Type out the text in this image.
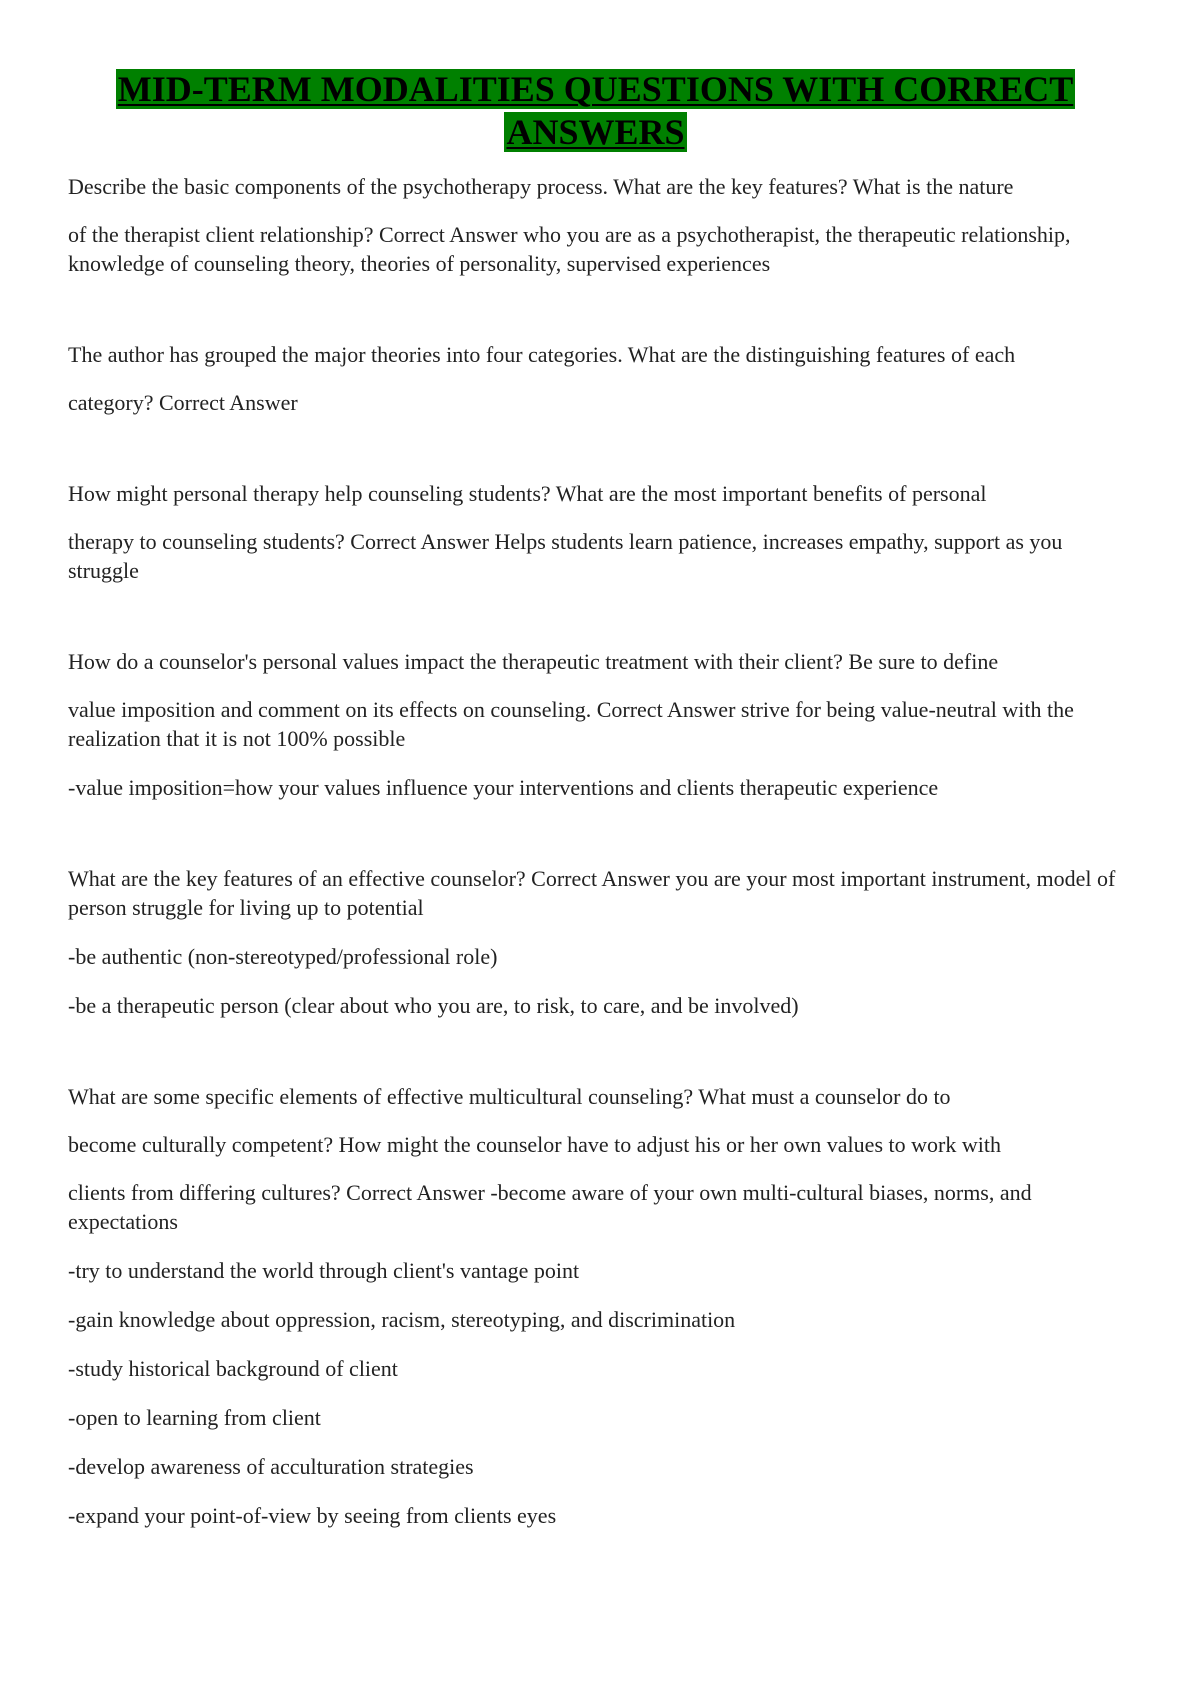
MID-TERM MODALITIES QUESTIONS WITH CORRECT
ANSWERS

Describe the basic components of the psychotherapy process. What are the key features? What is the nature

of the therapist client relationship? Correct Answer who you are as a psychotherapist, the therapeutic relationship, knowledge of counseling theory, theories of personality, supervised experiences

The author has grouped the major theories into four categories. What are the distinguishing features of each

category? Correct Answer

How might personal therapy help counseling students? What are the most important benefits of personal

therapy to counseling students? Correct Answer Helps students learn patience, increases empathy, support as you struggle

How do a counselor's personal values impact the therapeutic treatment with their client? Be sure to define

value imposition and comment on its effects on counseling. Correct Answer strive for being value-neutral with the realization that it is not 100% possible

-value imposition=how your values influence your interventions and clients therapeutic experience

What are the key features of an effective counselor? Correct Answer you are your most important instrument, model of person struggle for living up to potential

-be authentic (non-stereotyped/professional role)

-be a therapeutic person (clear about who you are, to risk, to care, and be involved)

What are some specific elements of effective multicultural counseling? What must a counselor do to

become culturally competent? How might the counselor have to adjust his or her own values to work with

clients from differing cultures? Correct Answer -become aware of your own multi-cultural biases, norms, and expectations

-try to understand the world through client's vantage point

-gain knowledge about oppression, racism, stereotyping, and discrimination

-study historical background of client

-open to learning from client

-develop awareness of acculturation strategies

-expand your point-of-view by seeing from clients eyes
